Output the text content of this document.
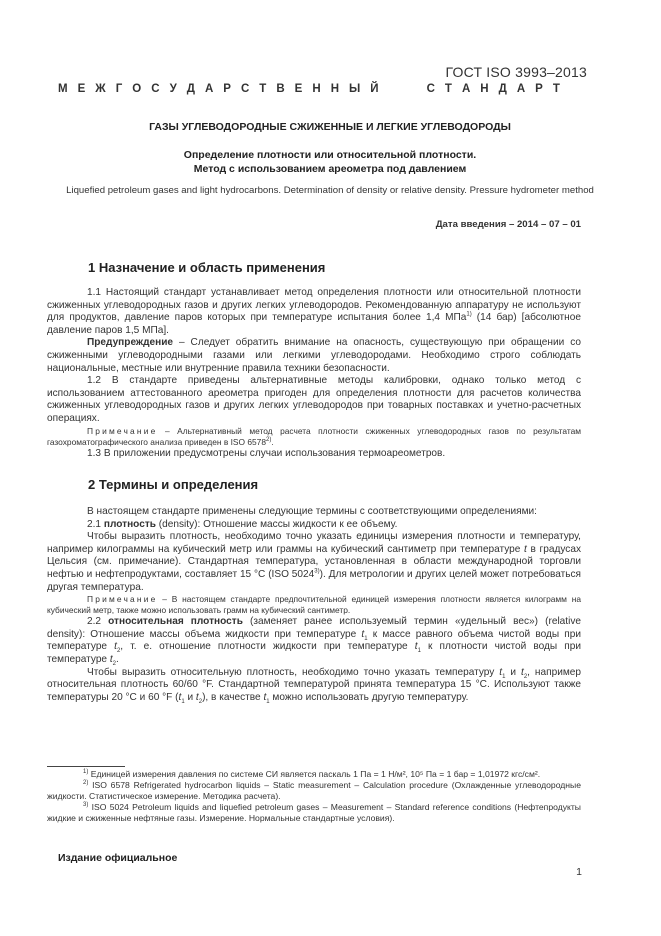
ГОСТ ISO 3993–2013
М Е Ж Г О С У Д А Р С Т В Е Н Н Ы Й	С Т А Н Д А Р Т
ГАЗЫ УГЛЕВОДОРОДНЫЕ СЖИЖЕННЫЕ И ЛЕГКИЕ УГЛЕВОДОРОДЫ
Определение плотности или относительной плотности.
Метод с использованием ареометра под давлением
Liquefied petroleum gases and light hydrocarbons. Determination of density or relative density. Pressure hydrometer method
Дата введения – 2014 – 07 – 01
1 Назначение и область применения

1.1 Настоящий стандарт устанавливает метод определения плотности или относительной плотности сжиженных углеводородных газов и других легких углеводородов. Рекомендованную аппаратуру не используют для продуктов, давление паров которых при температуре испытания более 1,4 МПа$^{1)}$ (14 бар) [абсолютное давление паров 1,5 МПа].

Предупреждение – Следует обратить внимание на опасность, существующую при обращении со сжиженными углеводородными газами или легкими углеводородами. Необходимо строго соблюдать национальные, местные или внутренние правила техники безопасности.

1.2 В стандарте приведены альтернативные методы калибровки, однако только метод с использованием аттестованного ареометра пригоден для определения плотности для расчетов количества сжиженных углеводородных газов и других легких углеводородов при товарных поставках и учетно-расчетных операциях.

Примечание – Альтернативный метод расчета плотности сжиженных углеводородных газов по результатам газохроматографического анализа приведен в ISO 6578$^{2)}$.

1.3 В приложении предусмотрены случаи использования термоареометров.

2 Термины и определения

В настоящем стандарте применены следующие термины с соответствующими определениями:

2.1 плотность (density): Отношение массы жидкости к ее объему.

Чтобы выразить плотность, необходимо точно указать единицы измерения плотности и температуру, например килограммы на кубический метр или граммы на кубический сантиметр при температуре t в градусах Цельсия (см. примечание). Стандартная температура, установленная в области международной торговли нефтью и нефтепродуктами, составляет 15 °С (ISO 5024$^{3)}$). Для метрологии и других целей может потребоваться другая температура.

Примечание – В настоящем стандарте предпочтительной единицей измерения плотности является килограмм на кубический метр, также можно использовать грамм на кубический сантиметр.

2.2 относительная плотность (заменяет ранее используемый термин «удельный вес») (relative density): Отношение массы объема жидкости при температуре $t_1$ к массе равного объема чистой воды при температуре $t_2$, т. е. отношение плотности жидкости при температуре $t_1$ к плотности чистой воды при температуре $t_2$.

Чтобы выразить относительную плотность, необходимо точно указать температуру $t_1$ и $t_2$, например относительная плотность 60/60 °F. Стандартной температурой принята температура 15 °С. Используют также температуры 20 °С и 60 °F ($t_1$ и $t_2$), в качестве $t_1$ можно использовать другую температуру.

$^{1)}$ Единицей измерения давления по системе СИ является паскаль 1 Па = 1 Н/м², 10⁵ Па = 1 бар = 1,01972 кгс/см².

$^{2)}$ ISO 6578 Refrigerated hydrocarbon liquids – Static measurement – Calculation procedure (Охлажденные углеводородные жидкости. Статистическое измерение. Методика расчета).

$^{3)}$ ISO 5024 Petroleum liquids and liquefied petroleum gases – Measurement – Standard reference conditions (Нефтепродукты жидкие и сжиженные нефтяные газы. Измерение. Нормальные стандартные условия).

Издание официальное
1
